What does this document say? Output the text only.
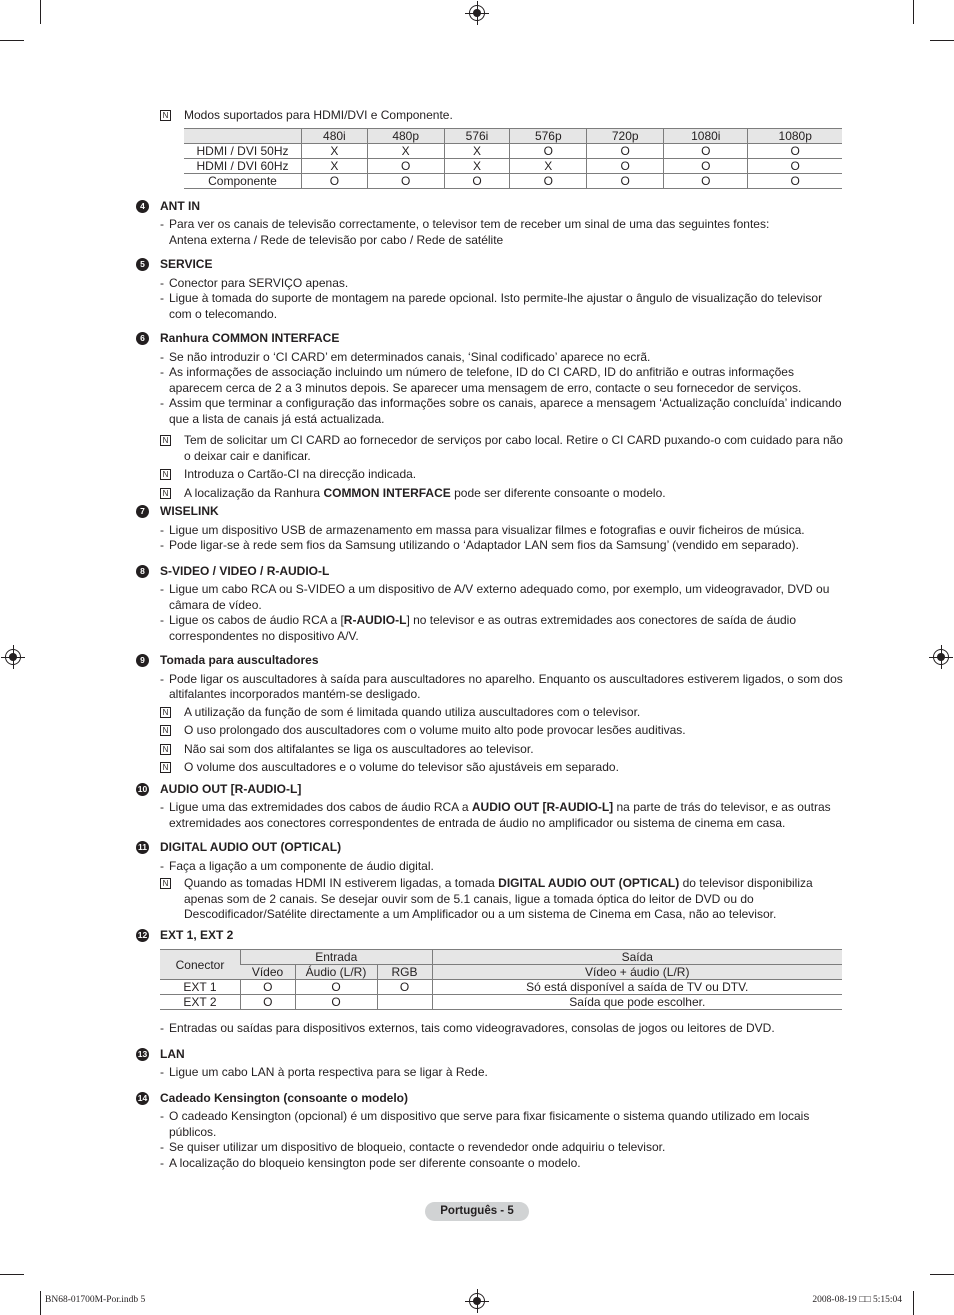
N Modos suportados para HDMI/DVI e Componente.
	480i	480p	576i	576p	720p	1080i	1080p
HDMI / DVI 50Hz	X	X	X	O	O	O	O
HDMI / DVI 60Hz	X	O	X	X	O	O	O
Componente	O	O	O	O	O	O	O
4	ANT IN

- Para ver os canais de televisão correctamente, o televisor tem de receber um sinal de uma das seguintes fontes:
Antena externa / Rede de televisão por cabo / Rede de satélite

5	SERVICE

- Conector para SERVIÇO apenas.

- Ligue à tomada do suporte de montagem na parede opcional. Isto permite-lhe ajustar o ângulo de visualização do televisor com o telecomando.

6	Ranhura COMMON INTERFACE

- Se não introduzir o ‘CI CARD’ em determinados canais, ‘Sinal codificado’ aparece no ecrã.

- As informações de associação incluindo um número de telefone, ID do CI CARD, ID do anfitrião e outras informações aparecem cerca de 2 a 3 minutos depois. Se aparecer uma mensagem de erro, contacte o seu fornecedor de serviços.

- Assim que terminar a configuração das informações sobre os canais, aparece a mensagem ‘Actualização concluída’ indicando que a lista de canais já está actualizada.

N Tem de solicitar um CI CARD ao fornecedor de serviços por cabo local. Retire o CI CARD puxando-o com cuidado para não o deixar cair e danificar.
N Introduza o Cartão-CI na direcção indicada.
N A localização da Ranhura COMMON INTERFACE pode ser diferente consoante o modelo.
7	WISELINK

- Ligue um dispositivo USB de armazenamento em massa para visualizar filmes e fotografias e ouvir ficheiros de música.

- Pode ligar-se à rede sem fios da Samsung utilizando o ‘Adaptador LAN sem fios da Samsung’ (vendido em separado).

8	S-VIDEO / VIDEO / R-AUDIO-L

- Ligue um cabo RCA ou S-VIDEO a um dispositivo de A/V externo adequado como, por exemplo, um videogravador, DVD ou câmara de vídeo.

- Ligue os cabos de áudio RCA a [R-AUDIO-L] no televisor e as outras extremidades aos conectores de saída de áudio correspondentes no dispositivo A/V.

9	Tomada para auscultadores

- Pode ligar os auscultadores à saída para auscultadores no aparelho. Enquanto os auscultadores estiverem ligados, o som dos altifalantes incorporados mantém-se desligado.

N A utilização da função de som é limitada quando utiliza auscultadores com o televisor.
N O uso prolongado dos auscultadores com o volume muito alto pode provocar lesões auditivas.
N Não sai som dos altifalantes se liga os auscultadores ao televisor.
N O volume dos auscultadores e o volume do televisor são ajustáveis em separado.
10 AUDIO OUT [R-AUDIO-L]

- Ligue uma das extremidades dos cabos de áudio RCA a AUDIO OUT [R-AUDIO-L] na parte de trás do televisor, e as outras extremidades aos conectores correspondentes de entrada de áudio no amplificador ou sistema de cinema em casa.

11 DIGITAL AUDIO OUT (OPTICAL)

- Faça a ligação a um componente de áudio digital.

N Quando as tomadas HDMI IN estiverem ligadas, a tomada DIGITAL AUDIO OUT (OPTICAL) do televisor disponibiliza apenas som de 2 canais. Se desejar ouvir som de 5.1 canais, ligue a tomada óptica do leitor de DVD ou do Descodificador/Satélite directamente a um Amplificador ou a um sistema de Cinema em Casa, não ao televisor.
12 EXT 1, EXT 2
Conector	Entrada			Saída
	Vídeo	Áudio (L/R)	RGB	Vídeo + áudio (L/R)
EXT 1	O	O	O	Só está disponível a saída de TV ou DTV.
EXT 2	O	O		Saída que pode escolher.

- Entradas ou saídas para dispositivos externos, tais como videogravadores, consolas de jogos ou leitores de DVD.

13 LAN

- Ligue um cabo LAN à porta respectiva para se ligar à Rede.

14 Cadeado Kensington (consoante o modelo)

- O cadeado Kensington (opcional) é um dispositivo que serve para fixar fisicamente o sistema quando utilizado em locais públicos.

- Se quiser utilizar um dispositivo de bloqueio, contacte o revendedor onde adquiriu o televisor.

- A localização do bloqueio kensington pode ser diferente consoante o modelo.

Português - 5
BN68-01700M-Por.indb 5	2008-08-19 □□ 5:15:04
